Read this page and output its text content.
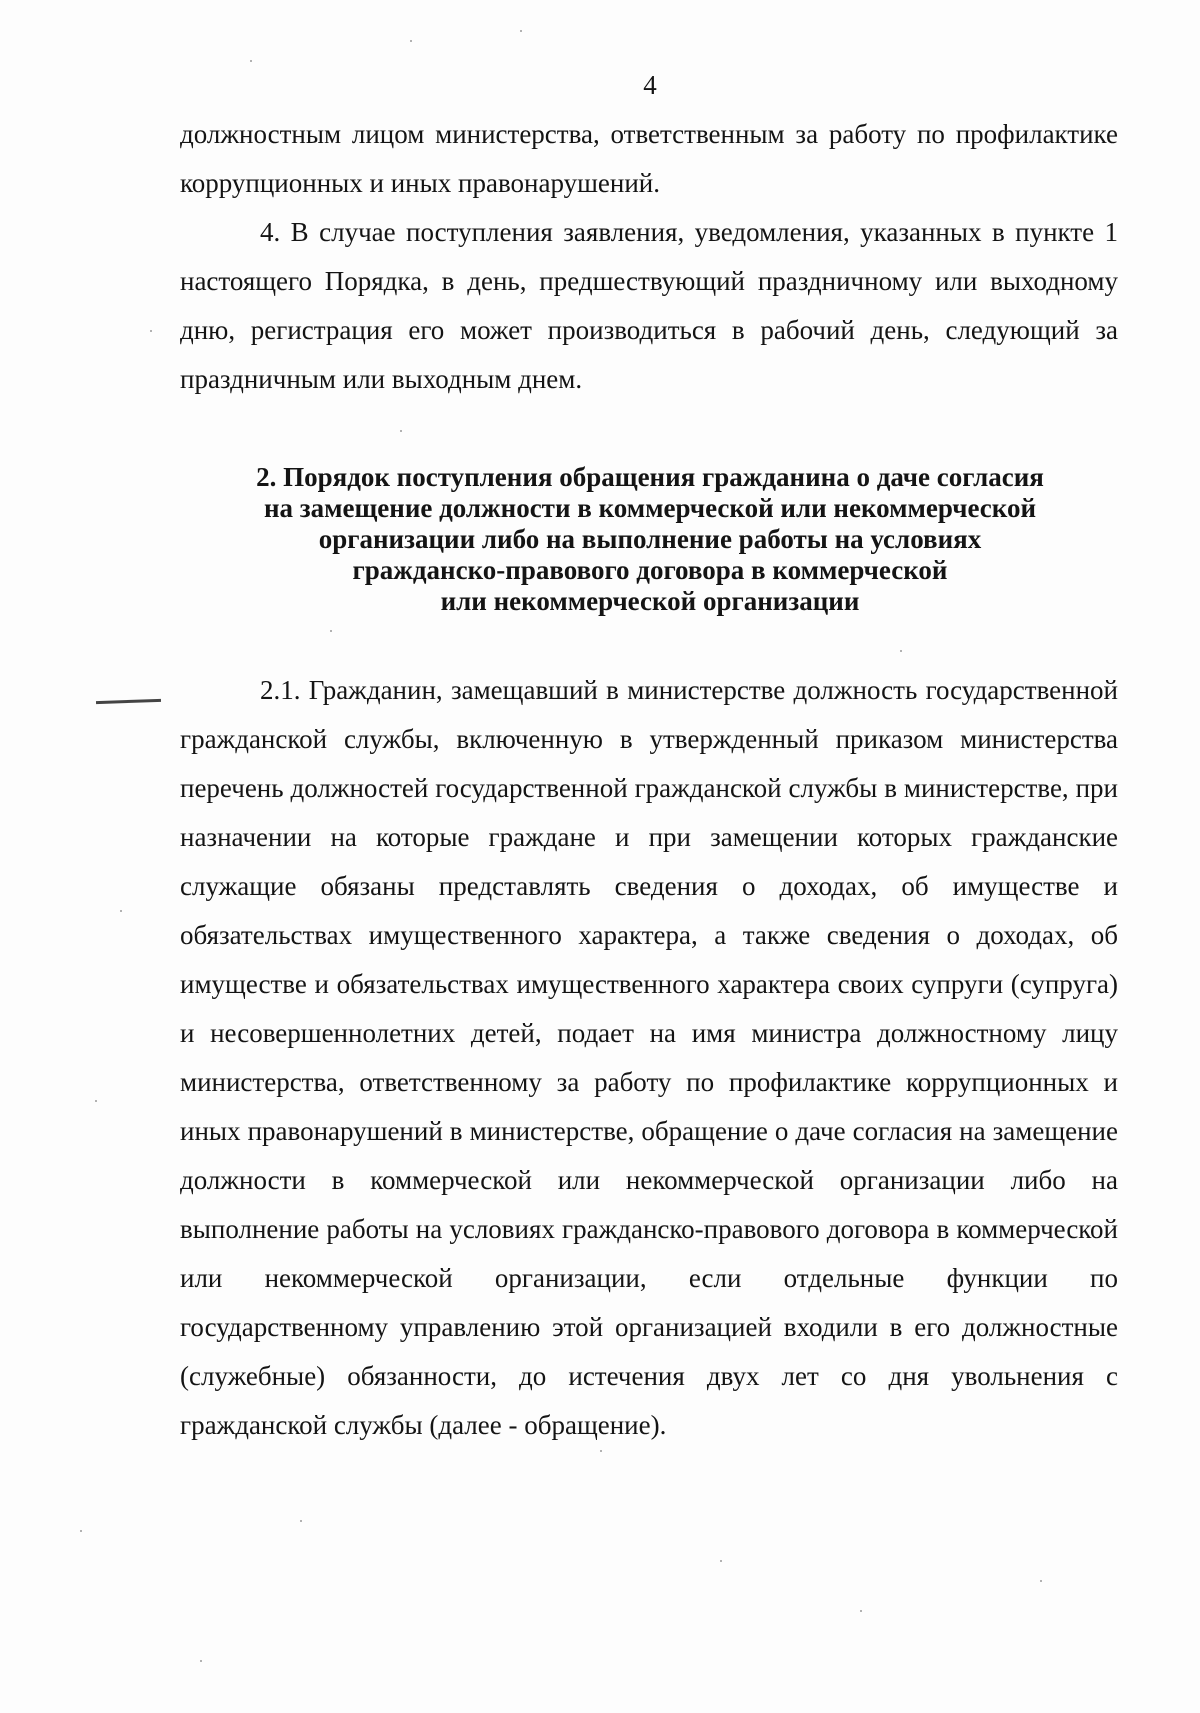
4

должностным лицом министерства, ответственным за работу по профилактике коррупционных и иных правонарушений.

4. В случае поступления заявления, уведомления, указанных в пункте 1 настоящего Порядка, в день, предшествующий праздничному или выходному дню, регистрация его может производиться в рабочий день, следующий за праздничным или выходным днем.

2. Порядок поступления обращения гражданина о даче согласия
на замещение должности в коммерческой или некоммерческой
организации либо на выполнение работы на условиях
гражданско-правового договора в коммерческой
или некоммерческой организации

2.1. Гражданин, замещавший в министерстве должность государственной гражданской службы, включенную в утвержденный приказом министерства перечень должностей государственной гражданской службы в министерстве, при назначении на которые граждане и при замещении которых гражданские служащие обязаны представлять сведения о доходах, об имуществе и обязательствах имущественного характера, а также сведения о доходах, об имуществе и обязательствах имущественного характера своих супруги (супруга) и несовершеннолетних детей, подает на имя министра должностному лицу министерства, ответственному за работу по профилактике коррупционных и иных правонарушений в министерстве, обращение о даче согласия на замещение должности в коммерческой или некоммерческой организации либо на выполнение работы на условиях гражданско-правового договора в коммерческой или некоммерческой организации, если отдельные функции по государственному управлению этой организацией входили в его должностные (служебные) обязанности, до истечения двух лет со дня увольнения с гражданской службы (далее - обращение).
